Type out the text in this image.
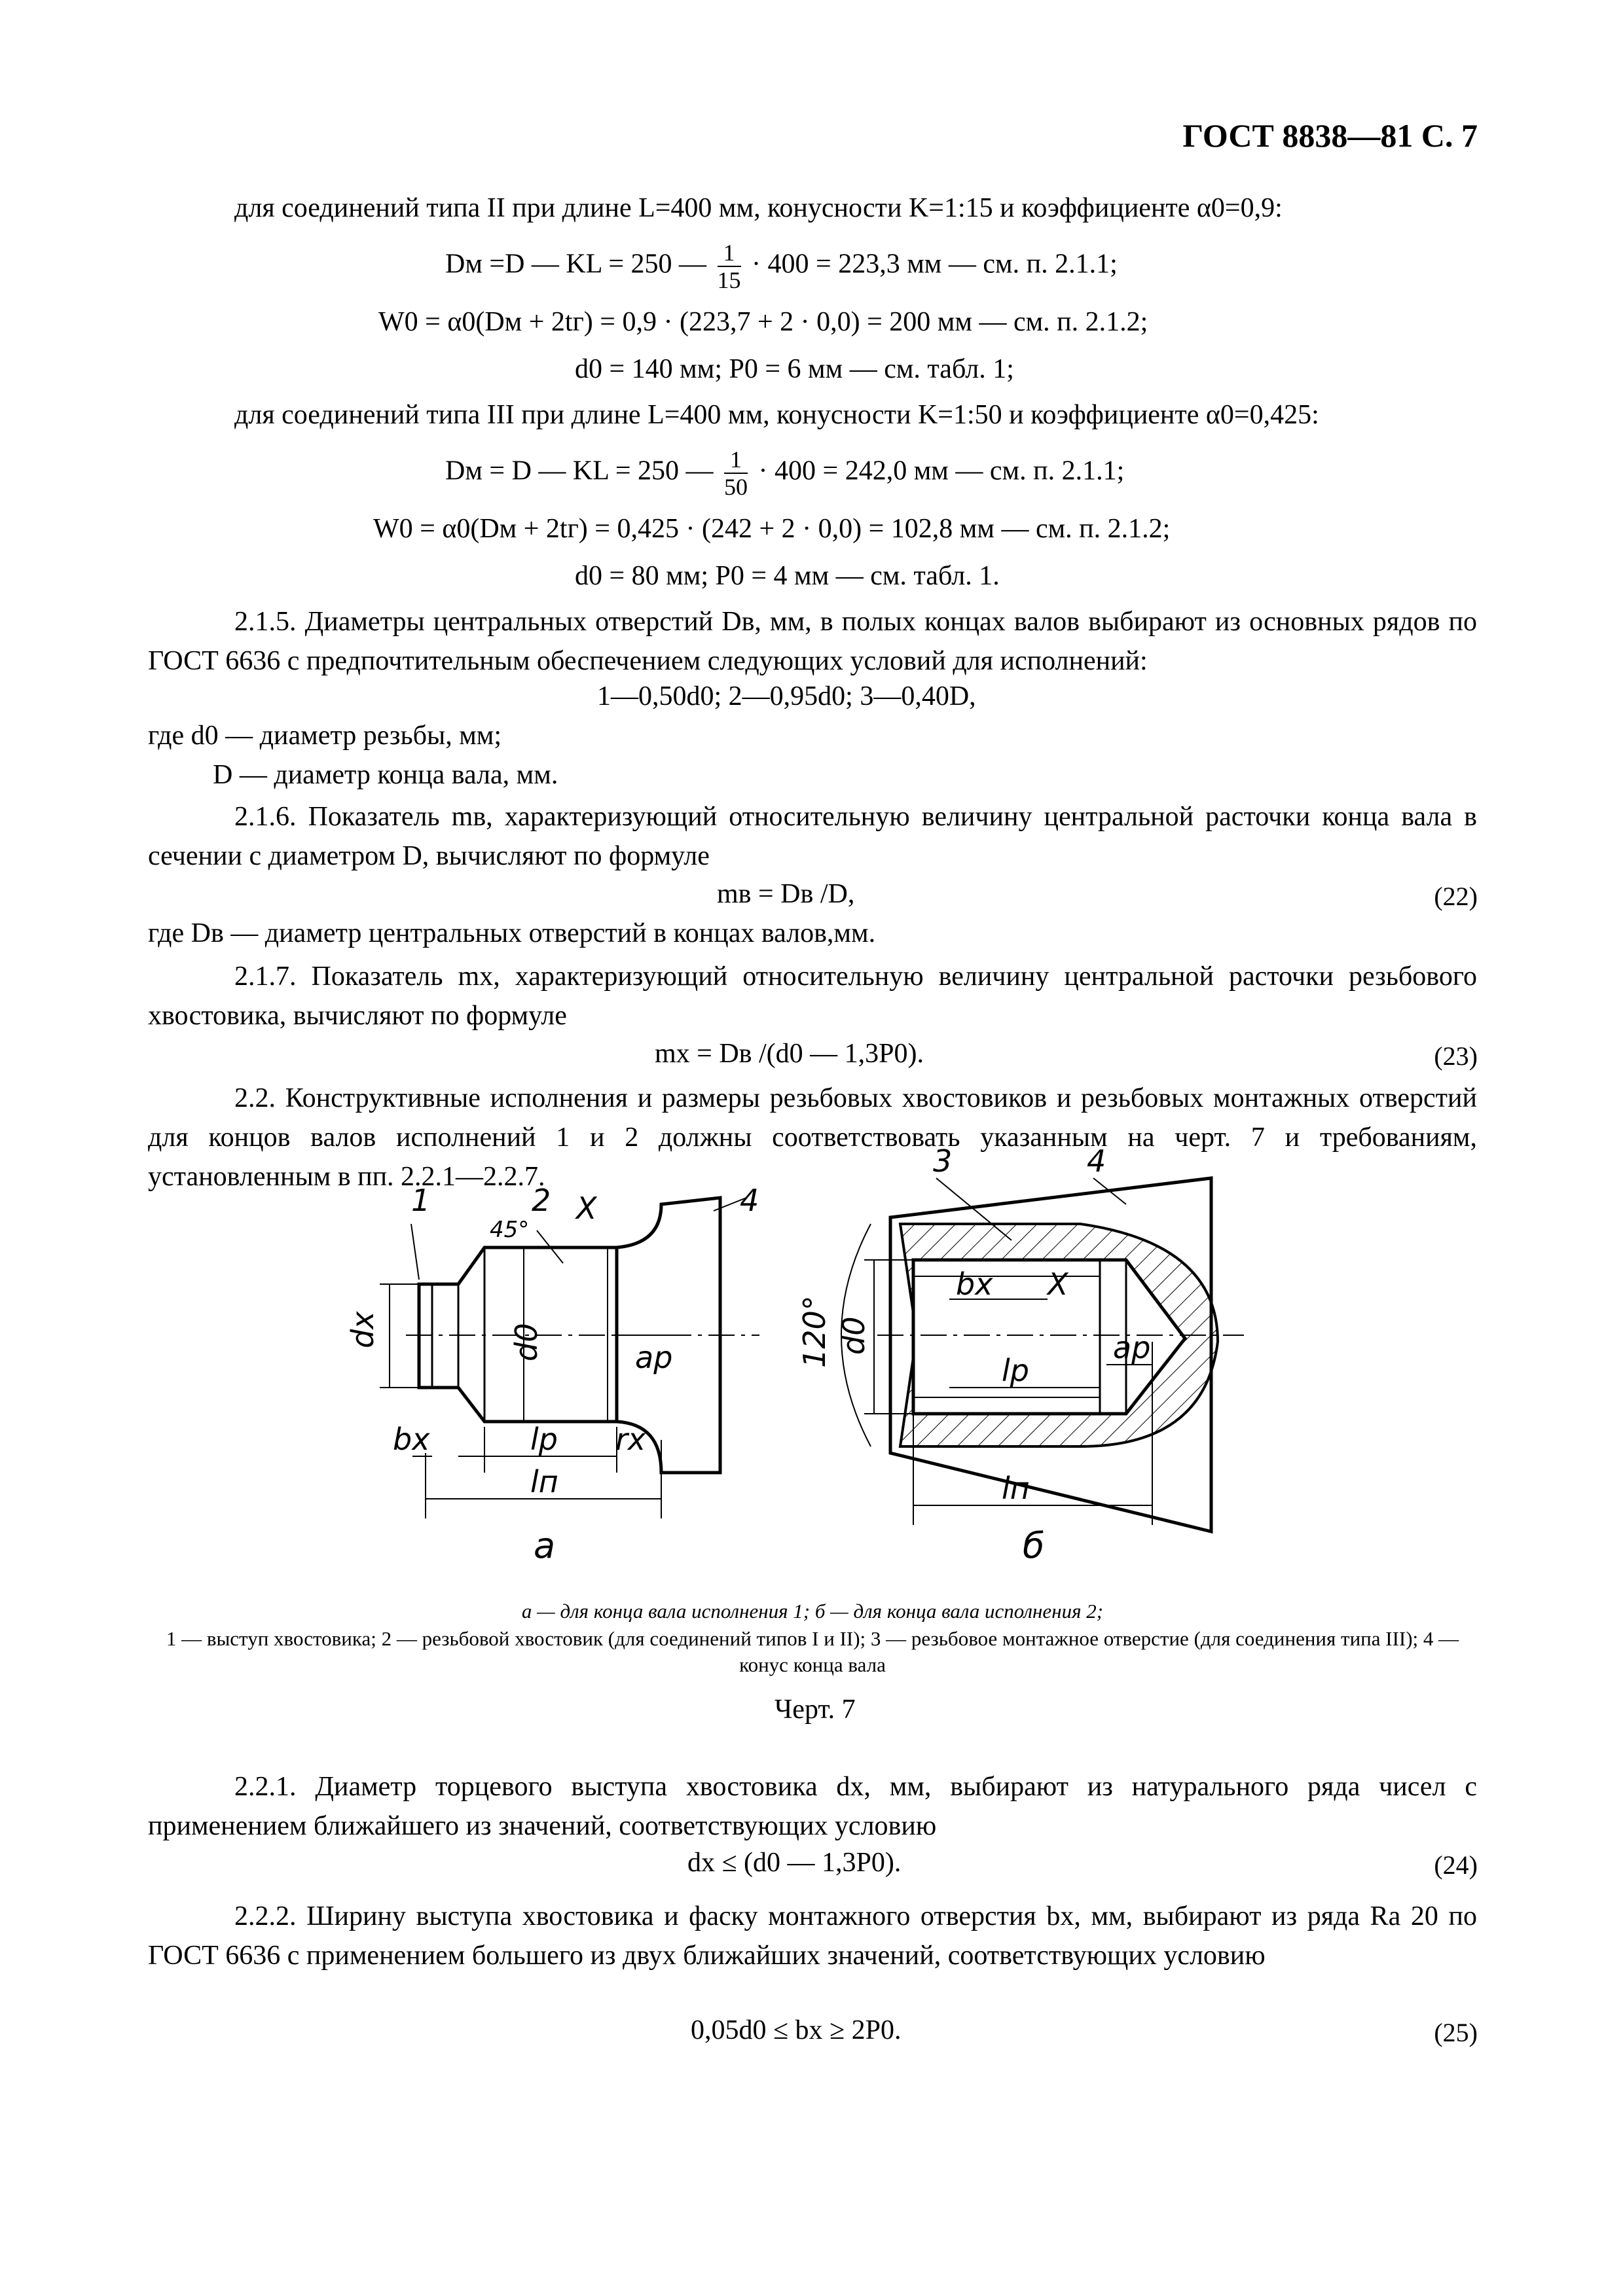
ГОСТ 8838—81 С. 7
для соединений типа II при длине L=400 мм, конусности K=1:15 и коэффициенте α0=0,9:
Dм =D — KL = 250 — $\frac{1}{15} \cdot 400 = 223,3$ мм — см. п. 2.1.1;
W0 = α0(Dм + 2tг) = 0,9 · (223,7 + 2 · 0,0) = 200 мм — см. п. 2.1.2;
d0 = 140 мм; P0 = 6 мм — см. табл. 1;
для соединений типа III при длине L=400 мм, конусности K=1:50 и коэффициенте α0=0,425:
Dм = D — KL = 250 — $\frac{1}{50} \cdot 400 = 242,0$ мм — см. п. 2.1.1;
W0 = α0(Dм + 2tг) = 0,425 · (242 + 2 · 0,0) = 102,8 мм — см. п. 2.1.2;
d0 = 80 мм; P0 = 4 мм — см. табл. 1.
2.1.5. Диаметры центральных отверстий Dв, мм, в полых концах валов выбирают из основных рядов по ГОСТ 6636 с предпочтительным обеспечением следующих условий для исполнений:
1—0,50d0; 2—0,95d0; 3—0,40D,
где d0 — диаметр резьбы, мм;
D — диаметр конца вала, мм.
2.1.6. Показатель mв, характеризующий относительную величину центральной расточки конца вала в сечении с диаметром D, вычисляют по формуле
mв = Dв /D,	(22)
где Dв — диаметр центральных отверстий в концах валов,мм.
2.1.7. Показатель mх, характеризующий относительную величину центральной расточки резьбового хвостовика, вычисляют по формуле
mх = Dв /(d0 — 1,3P0).	(23)
2.2. Конструктивные исполнения и размеры резьбовых хвостовиков и резьбовых монтажных отверстий для концов валов исполнений 1 и 2 должны соответствовать указанным на черт. 7 и требованиям, установленным в пп. 2.2.1—2.2.7.
1	2	4
X
45°
dx	d0	ap
bx	lp rx
lп
а
3	4
bx X
120° d0
lp
ap
lп
б
а — для конца вала исполнения 1; б — для конца вала исполнения 2;
1 — выступ хвостовика; 2 — резьбовой хвостовик (для соединений типов I и II); 3 — резьбовое монтажное отверстие (для соединения типа III); 4 — конус конца вала
Черт. 7
2.2.1. Диаметр торцевого выступа хвостовика dх, мм, выбирают из натурального ряда чисел с применением ближайшего из значений, соответствующих условию
dх ≤ (d0 — 1,3P0).	(24)
2.2.2. Ширину выступа хвостовика и фаску монтажного отверстия bх, мм, выбирают из ряда Ra 20 по ГОСТ 6636 с применением большего из двух ближайших значений, соответствующих условию
0,05d0 ≤ bх ≥ 2P0.	(25)
